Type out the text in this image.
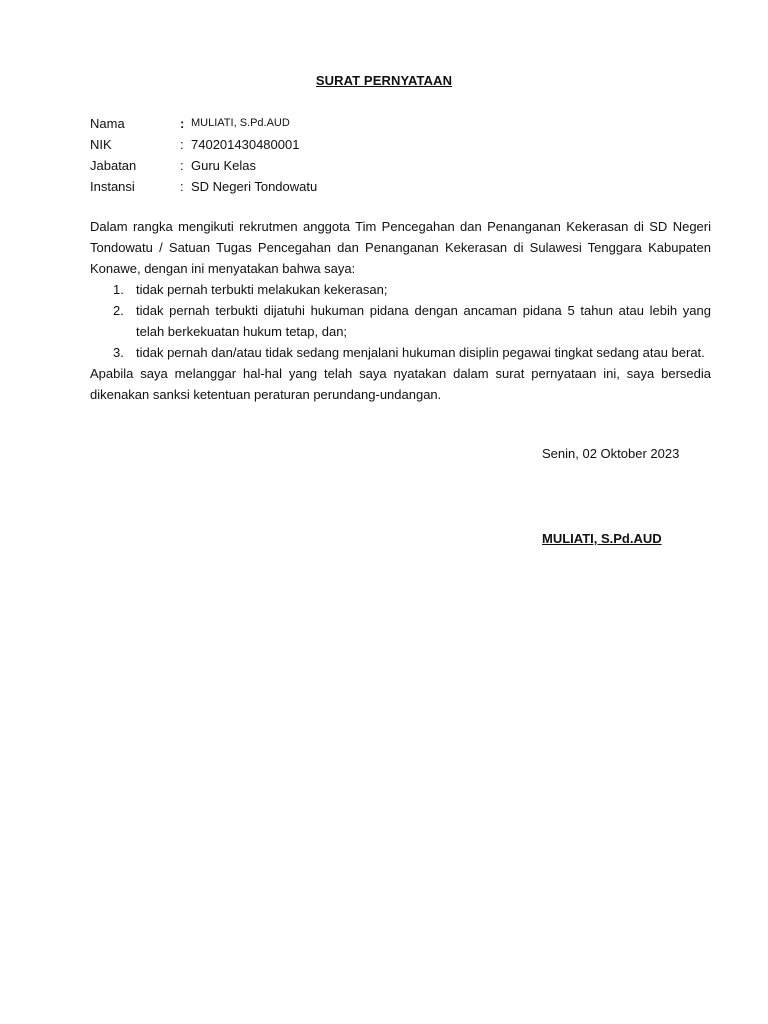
SURAT PERNYATAAN
Nama	: MULIATI, S.Pd.AUD
NIK	: 740201430480001
Jabatan	: Guru Kelas
Instansi	: SD Negeri Tondowatu

Dalam rangka mengikuti rekrutmen anggota Tim Pencegahan dan Penanganan Kekerasan di SD Negeri Tondowatu / Satuan Tugas Pencegahan dan Penanganan Kekerasan di Sulawesi Tenggara Kabupaten Konawe, dengan ini menyatakan bahwa saya:

1. tidak pernah terbukti melakukan kekerasan;
2. tidak pernah terbukti dijatuhi hukuman pidana dengan ancaman pidana 5 tahun atau lebih yang telah berkekuatan hukum tetap, dan;
3. tidak pernah dan/atau tidak sedang menjalani hukuman disiplin pegawai tingkat sedang atau berat.

Apabila saya melanggar hal-hal yang telah saya nyatakan dalam surat pernyataan ini, saya bersedia dikenakan sanksi ketentuan peraturan perundang-undangan.

Senin, 02 Oktober 2023
MULIATI, S.Pd.AUD
